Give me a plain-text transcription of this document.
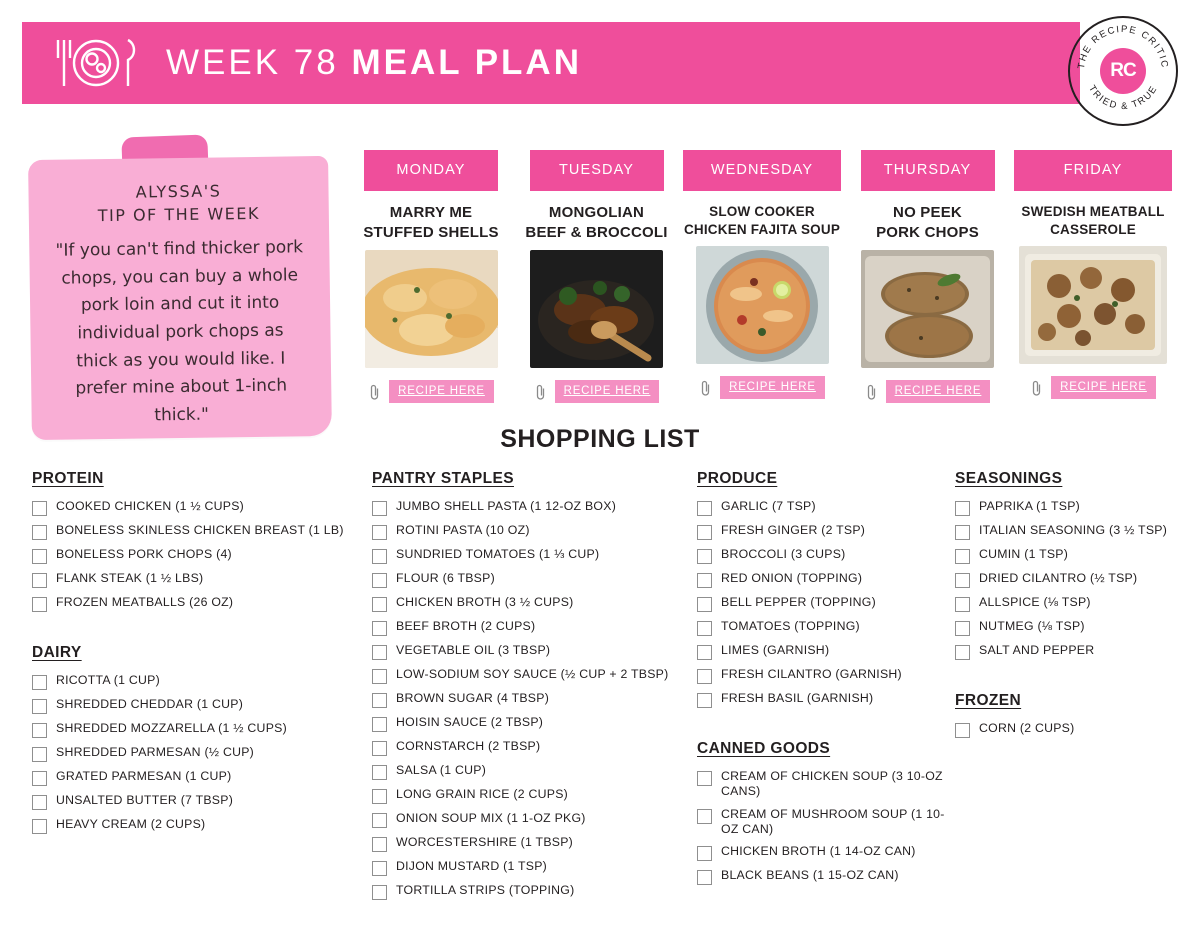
WEEK 78 MEAL PLAN	THE RECIPE CRITIC
TRIED & TRUE
RC
ALYSSA'S
TIP OF THE WEEK
"If you can't find thicker pork chops, you can buy a whole pork loin and cut it into individual pork chops as thick as you would like. I prefer mine about 1-inch thick."
MONDAY
MARRY ME
STUFFED SHELLS
RECIPE HERE
TUESDAY
MONGOLIAN
BEEF & BROCCOLI
RECIPE HERE
WEDNESDAY
SLOW COOKER
CHICKEN FAJITA SOUP
RECIPE HERE
THURSDAY
NO PEEK
PORK CHOPS
RECIPE HERE
FRIDAY
SWEDISH MEATBALL
CASSEROLE
RECIPE HERE
SHOPPING LIST
PROTEIN
COOKED CHICKEN (1 ½ CUPS)
BONELESS SKINLESS CHICKEN BREAST (1 LB)
BONELESS PORK CHOPS (4)
FLANK STEAK (1 ½ LBS)
FROZEN MEATBALLS (26 OZ)
DAIRY
RICOTTA (1 CUP)
SHREDDED CHEDDAR (1 CUP)
SHREDDED MOZZARELLA (1 ½ CUPS)
SHREDDED PARMESAN (½ CUP)
GRATED PARMESAN (1 CUP)
UNSALTED BUTTER (7 TBSP)
HEAVY CREAM (2 CUPS)
PANTRY STAPLES
JUMBO SHELL PASTA (1 12-OZ BOX)
ROTINI PASTA (10 OZ)
SUNDRIED TOMATOES (1 ⅓ CUP)
FLOUR (6 TBSP)
CHICKEN BROTH (3 ½ CUPS)
BEEF BROTH (2 CUPS)
VEGETABLE OIL (3 TBSP)
LOW-SODIUM SOY SAUCE (½ CUP + 2 TBSP)
BROWN SUGAR (4 TBSP)
HOISIN SAUCE (2 TBSP)
CORNSTARCH (2 TBSP)
SALSA (1 CUP)
LONG GRAIN RICE (2 CUPS)
ONION SOUP MIX (1 1-OZ PKG)
WORCESTERSHIRE (1 TBSP)
DIJON MUSTARD (1 TSP)
TORTILLA STRIPS (TOPPING)
PRODUCE
GARLIC (7 TSP)
FRESH GINGER (2 TSP)
BROCCOLI (3 CUPS)
RED ONION (TOPPING)
BELL PEPPER (TOPPING)
TOMATOES (TOPPING)
LIMES (GARNISH)
FRESH CILANTRO (GARNISH)
FRESH BASIL (GARNISH)
CANNED GOODS
CREAM OF CHICKEN SOUP (3 10-OZ CANS)
CREAM OF MUSHROOM SOUP (1 10-OZ CAN)
CHICKEN BROTH (1 14-OZ CAN)
BLACK BEANS (1 15-OZ CAN)
SEASONINGS
PAPRIKA (1 TSP)
ITALIAN SEASONING (3 ½ TSP)
CUMIN (1 TSP)
DRIED CILANTRO (½ TSP)
ALLSPICE (⅛ TSP)
NUTMEG (⅛ TSP)
SALT AND PEPPER
FROZEN
CORN (2 CUPS)
